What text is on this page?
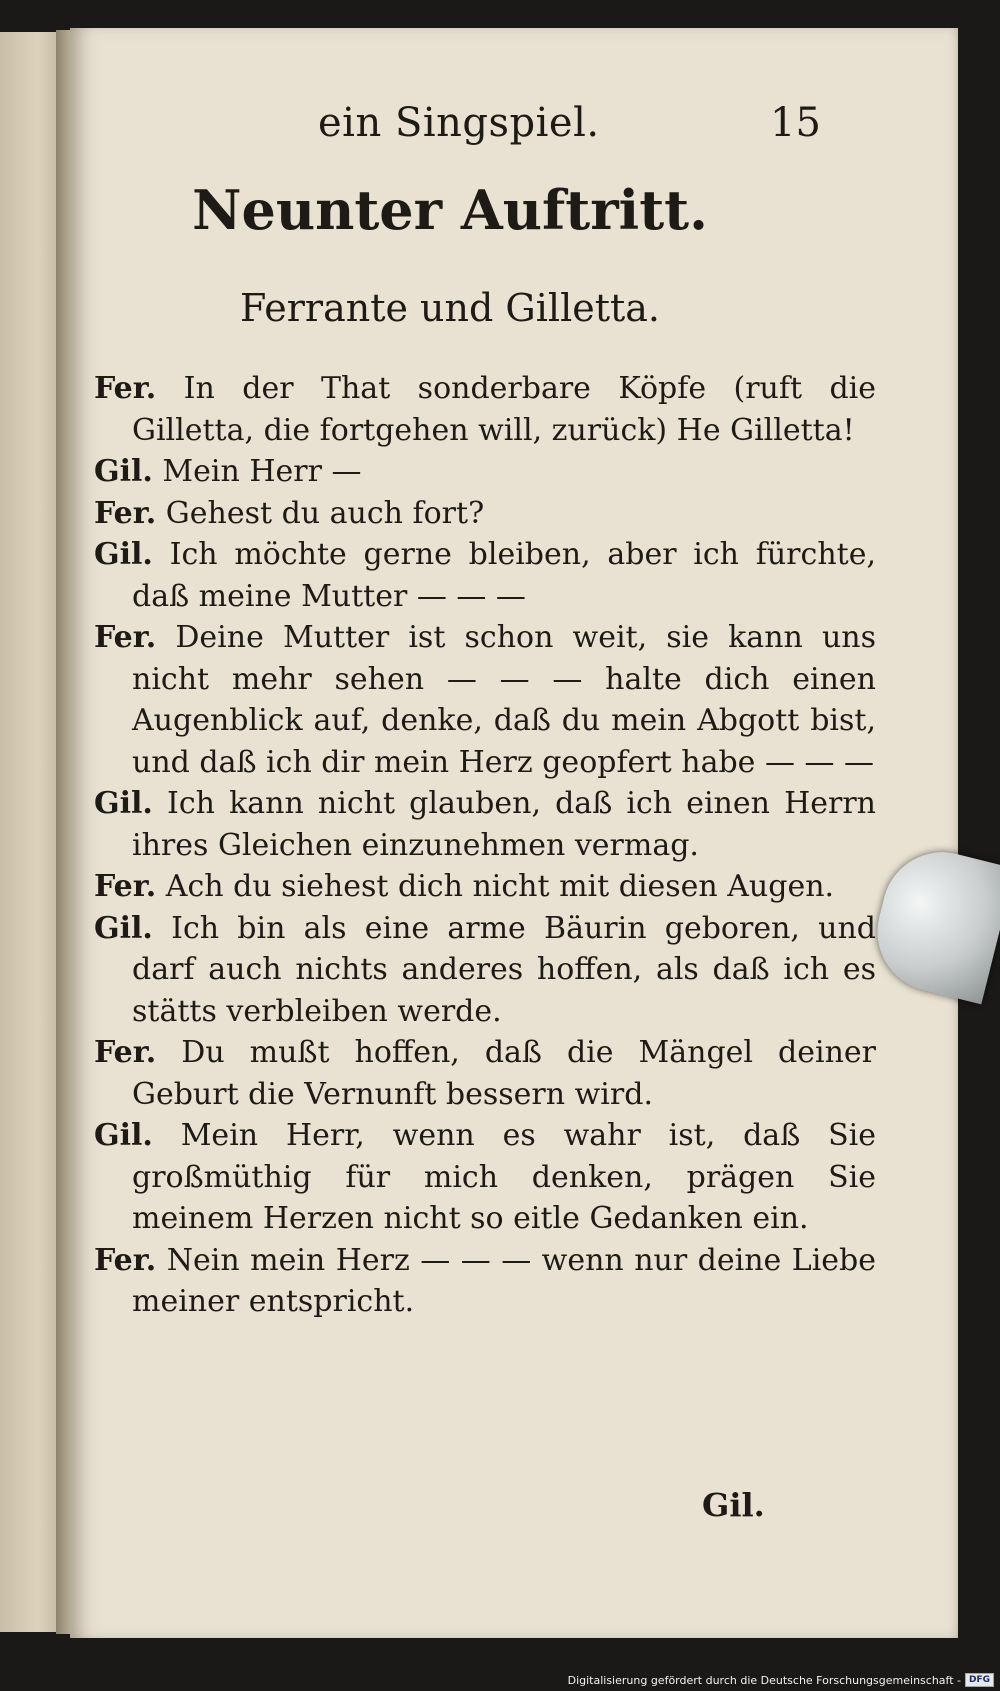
ein Singspiel.	15
Neunter Auftritt.
Ferrante und Gilletta.
Fer. In der That sonderbare Köpfe (ruft die Gilletta, die fortgehen will, zurück) He Gilletta!
Gil. Mein Herr —
Fer. Gehest du auch fort?
Gil. Ich möchte gerne bleiben, aber ich fürchte, daß meine Mutter — — —
Fer. Deine Mutter ist schon weit, sie kann uns nicht mehr sehen — — — halte dich einen Augenblick auf, denke, daß du mein Abgott bist, und daß ich dir mein Herz geopfert habe — — —
Gil. Ich kann nicht glauben, daß ich einen Herrn ihres Gleichen einzunehmen vermag.
Fer. Ach du siehest dich nicht mit diesen Augen.
Gil. Ich bin als eine arme Bäurin geboren, und darf auch nichts anderes hoffen, als daß ich es stätts verbleiben werde.
Fer. Du mußt hoffen, daß die Mängel deiner Geburt die Vernunft bessern wird.
Gil. Mein Herr, wenn es wahr ist, daß Sie großmüthig für mich denken, prägen Sie meinem Herzen nicht so eitle Gedanken ein.
Fer. Nein mein Herz — — — wenn nur deine Liebe meiner entspricht.
Gil.
Digitalisierung gefördert durch die Deutsche Forschungsgemeinschaft - DFG
